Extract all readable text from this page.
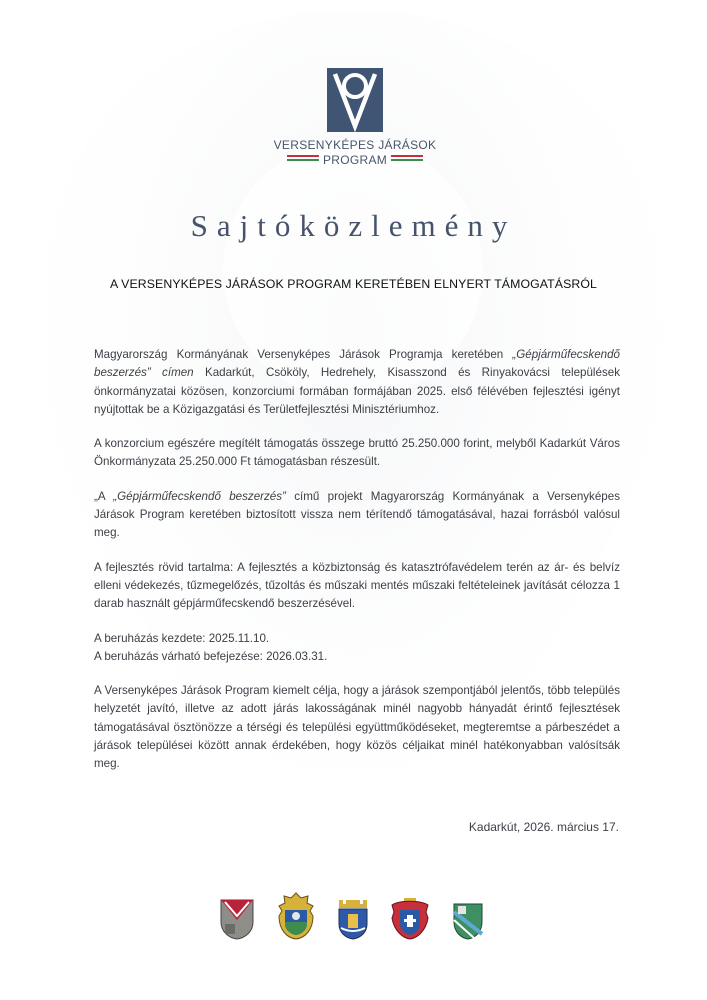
VERSENYKÉPES JÁRÁSOK
PROGRAM
Sajtóközlemény
A VERSENYKÉPES JÁRÁSOK PROGRAM KERETÉBEN ELNYERT TÁMOGATÁSRÓL

Magyarország Kormányának Versenyképes Járások Programja keretében „Gépjárműfecskendő beszerzés” címen Kadarkút, Csököly, Hedrehely, Kisasszond és Rinyakovácsi települések önkormányzatai közösen, konzorciumi formában formájában 2025. első félévében fejlesztési igényt nyújtottak be a Közigazgatási és Területfejlesztési Minisztériumhoz.

A konzorcium egészére megítélt támogatás összege bruttó 25.250.000 forint, melyből Kadarkút Város Önkormányzata 25.250.000 Ft támogatásban részesült.

„A „Gépjárműfecskendő beszerzés” című projekt Magyarország Kormányának a Versenyképes Járások Program keretében biztosított vissza nem térítendő támogatásával, hazai forrásból valósul meg.

A fejlesztés rövid tartalma: A fejlesztés a közbiztonság és katasztrófavédelem terén az ár- és belvíz elleni védekezés, tűzmegelőzés, tűzoltás és műszaki mentés műszaki feltételeinek javítását célozza 1 darab használt gépjárműfecskendő beszerzésével.

A beruházás kezdete: 2025.11.10.

A beruházás várható befejezése: 2026.03.31.

A Versenyképes Járások Program kiemelt célja, hogy a járások szempontjából jelentős, több település helyzetét javító, illetve az adott járás lakosságának minél nagyobb hányadát érintő fejlesztések támogatásával ösztönözze a térségi és települési együttműködéseket, megteremtse a párbeszédet a járások települései között annak érdekében, hogy közös céljaikat minél hatékonyabban valósítsák meg.

Kadarkút, 2026. március 17.
